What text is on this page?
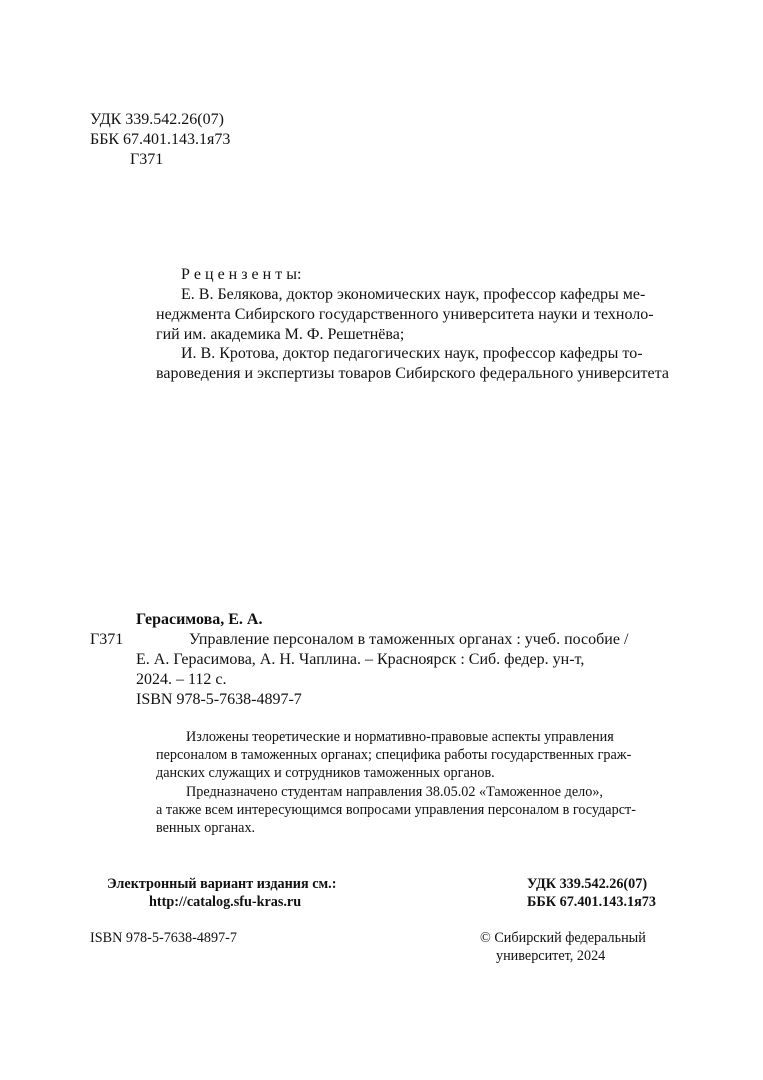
УДК 339.542.26(07)
ББК 67.401.143.1я73
Г371
Р е ц е н з е н т ы:
Е. В. Белякова, доктор экономических наук, профессор кафедры ме-
неджмента Сибирского государственного университета науки и техноло-
гий им. академика М. Ф. Решетнёва;
И. В. Кротова, доктор педагогических наук, профессор кафедры то-
вароведения и экспертизы товаров Сибирского федерального университета
Герасимова, Е. А.
Г371	Управление персоналом в таможенных органах : учеб. пособие /
Е. А. Герасимова, А. Н. Чаплина. – Красноярск : Сиб. федер. ун-т,
2024. – 112 с.
ISBN 978-5-7638-4897-7
Изложены теоретические и нормативно-правовые аспекты управления
персоналом в таможенных органах; специфика работы государственных граж-
данских служащих и сотрудников таможенных органов.
Предназначено студентам направления 38.05.02 «Таможенное дело»,
а также всем интересующимся вопросами управления персоналом в государст-
венных органах.
Электронный вариант издания см.:
http://catalog.sfu-kras.ru
УДК 339.542.26(07)
ББК 67.401.143.1я73
ISBN 978-5-7638-4897-7	© Сибирский федеральный
университет, 2024
